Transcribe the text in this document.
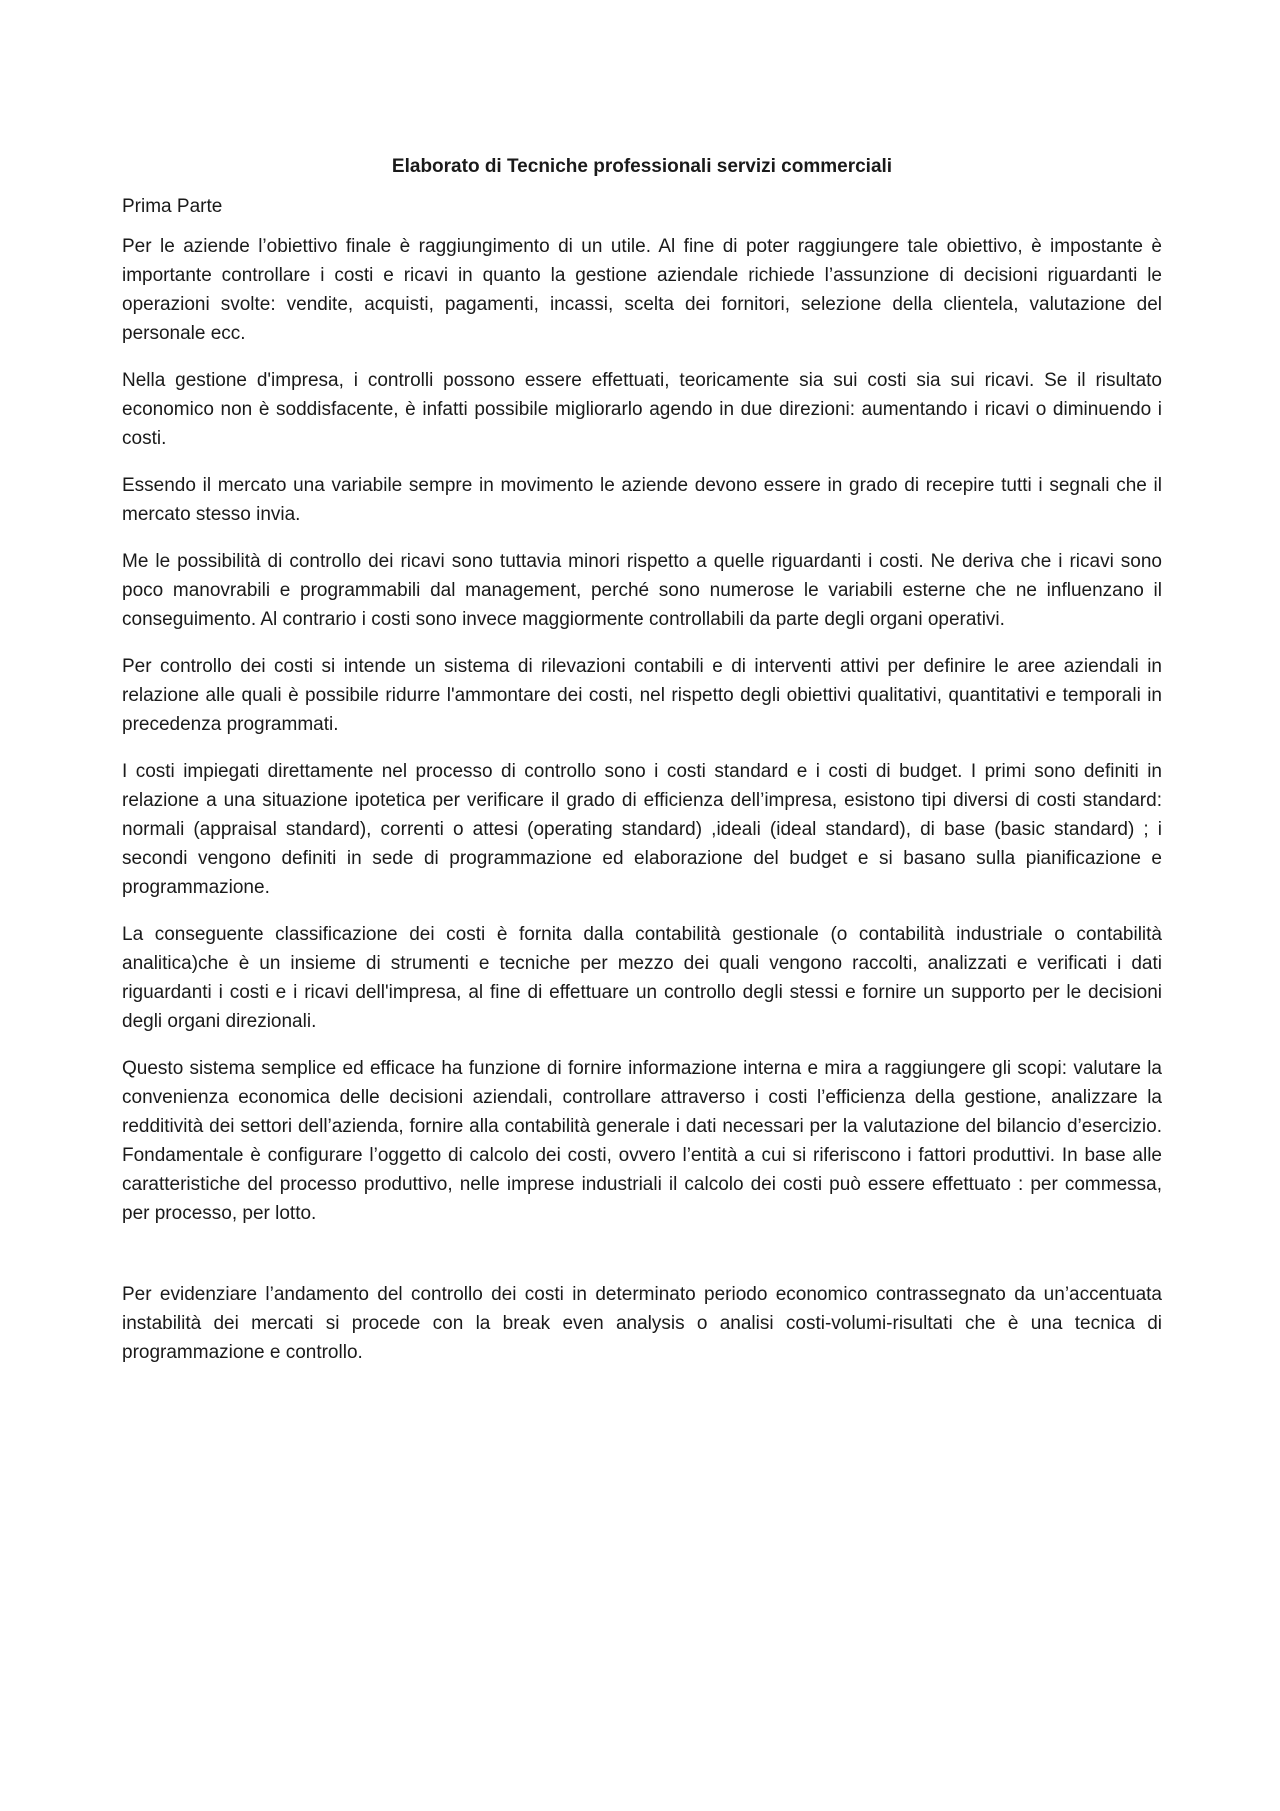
Elaborato di Tecniche professionali servizi commerciali
Prima Parte

Per le aziende l’obiettivo finale è raggiungimento di un utile. Al fine di poter raggiungere tale obiettivo, è impostante è importante controllare i costi e ricavi in quanto la gestione aziendale richiede l’assunzione di decisioni riguardanti le operazioni svolte: vendite, acquisti, pagamenti, incassi, scelta dei fornitori, selezione della clientela, valutazione del personale ecc.

Nella gestione d'impresa, i controlli possono essere effettuati, teoricamente sia sui costi sia sui ricavi. Se il risultato economico non è soddisfacente, è infatti possibile migliorarlo agendo in due direzioni: aumentando i ricavi o diminuendo i costi.

Essendo il mercato una variabile sempre in movimento le aziende devono essere in grado di recepire tutti i segnali che il mercato stesso invia.

Me le possibilità di controllo dei ricavi sono tuttavia minori rispetto a quelle riguardanti i costi. Ne deriva che i ricavi sono poco manovrabili e programmabili dal management, perché sono numerose le variabili esterne che ne influenzano il conseguimento. Al contrario i costi sono invece maggiormente controllabili da parte degli organi operativi.

Per controllo dei costi si intende un sistema di rilevazioni contabili e di interventi attivi per definire le aree aziendali in relazione alle quali è possibile ridurre l'ammontare dei costi, nel rispetto degli obiettivi qualitativi, quantitativi e temporali in precedenza programmati.

I costi impiegati direttamente nel processo di controllo sono i costi standard e i costi di budget. I primi sono definiti in relazione a una situazione ipotetica per verificare il grado di efficienza dell’impresa, esistono tipi diversi di costi standard: normali (appraisal standard), correnti o attesi (operating standard) ,ideali (ideal standard), di base (basic standard) ; i secondi vengono definiti in sede di programmazione ed elaborazione del budget e si basano sulla pianificazione e programmazione.

La conseguente classificazione dei costi è fornita dalla contabilità gestionale (o contabilità industriale o contabilità analitica)che è un insieme di strumenti e tecniche per mezzo dei quali vengono raccolti, analizzati e verificati i dati riguardanti i costi e i ricavi dell'impresa, al fine di effettuare un controllo degli stessi e fornire un supporto per le decisioni degli organi direzionali.

Questo sistema semplice ed efficace ha funzione di fornire informazione interna e mira a raggiungere gli scopi: valutare la convenienza economica delle decisioni aziendali, controllare attraverso i costi l’efficienza della gestione, analizzare la redditività dei settori dell’azienda, fornire alla contabilità generale i dati necessari per la valutazione del bilancio d’esercizio. Fondamentale è configurare l’oggetto di calcolo dei costi, ovvero l’entità a cui si riferiscono i fattori produttivi. In base alle caratteristiche del processo produttivo, nelle imprese industriali il calcolo dei costi può essere effettuato : per commessa, per processo, per lotto.

Per evidenziare l’andamento del controllo dei costi in determinato periodo economico contrassegnato da un’accentuata instabilità dei mercati si procede con la break even analysis o analisi costi-volumi-risultati che è una tecnica di programmazione e controllo.
